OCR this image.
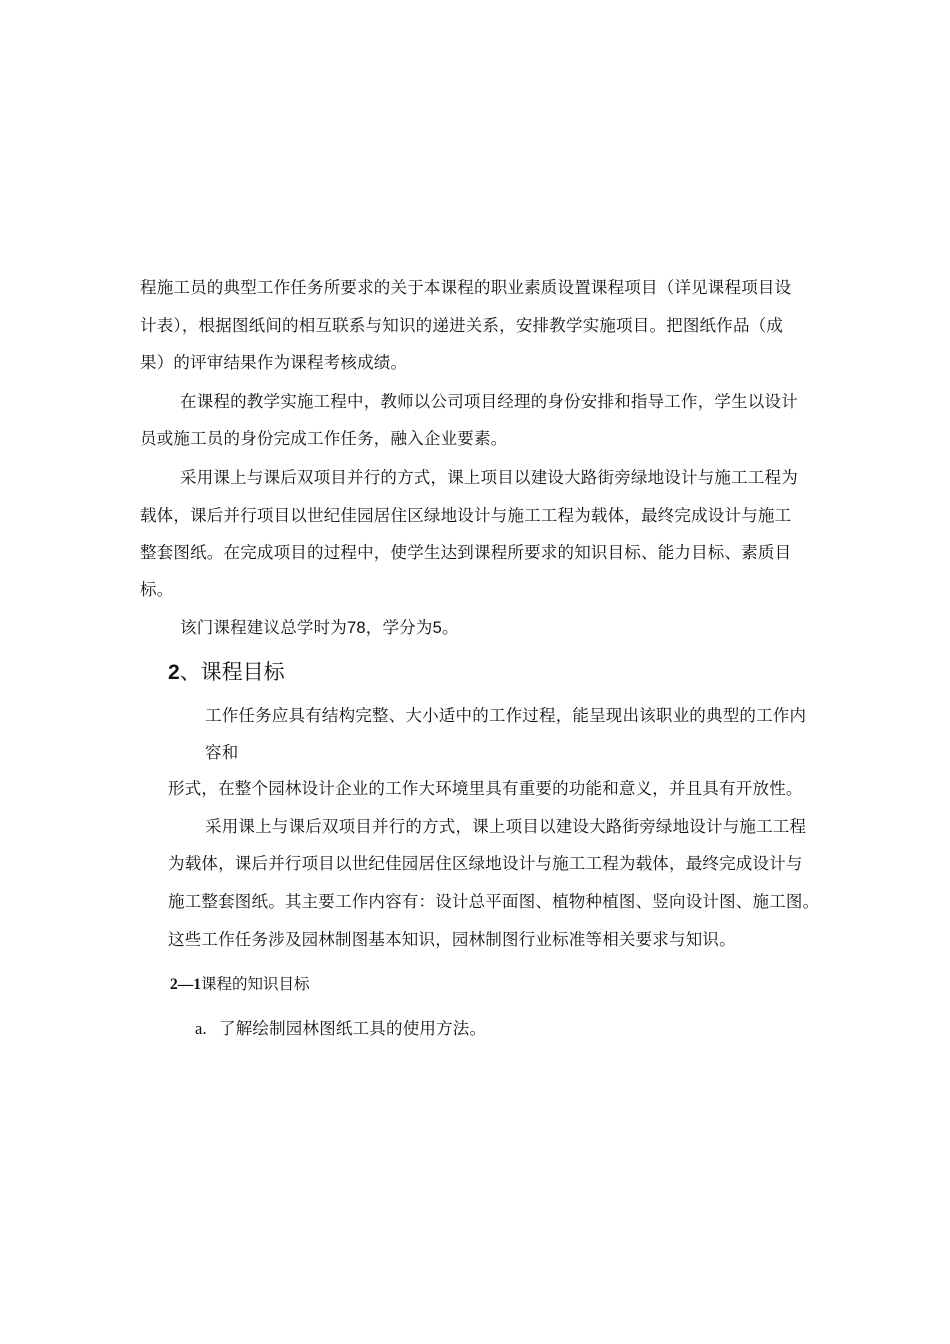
程施工员的典型工作任务所要求的关于本课程的职业素质设置课程项目（详见课程项目设
计表），根据图纸间的相互联系与知识的递进关系，安排教学实施项目。把图纸作品（成
果）的评审结果作为课程考核成绩。
在课程的教学实施工程中，教师以公司项目经理的身份安排和指导工作，学生以设计
员或施工员的身份完成工作任务，融入企业要素。
采用课上与课后双项目并行的方式，课上项目以建设大路街旁绿地设计与施工工程为
载体，课后并行项目以世纪佳园居住区绿地设计与施工工程为载体，最终完成设计与施工
整套图纸。在完成项目的过程中，使学生达到课程所要求的知识目标、能力目标、素质目
标。
该门课程建议总学时为78，学分为5。
2、课程目标
工作任务应具有结构完整、大小适中的工作过程，能呈现出该职业的典型的工作内
容和
形式，在整个园林设计企业的工作大环境里具有重要的功能和意义，并且具有开放性。
采用课上与课后双项目并行的方式，课上项目以建设大路街旁绿地设计与施工工程
为载体，课后并行项目以世纪佳园居住区绿地设计与施工工程为载体，最终完成设计与
施工整套图纸。其主要工作内容有：设计总平面图、植物种植图、竖向设计图、施工图。
这些工作任务涉及园林制图基本知识，园林制图行业标准等相关要求与知识。
2—1课程的知识目标
a. 了解绘制园林图纸工具的使用方法。
